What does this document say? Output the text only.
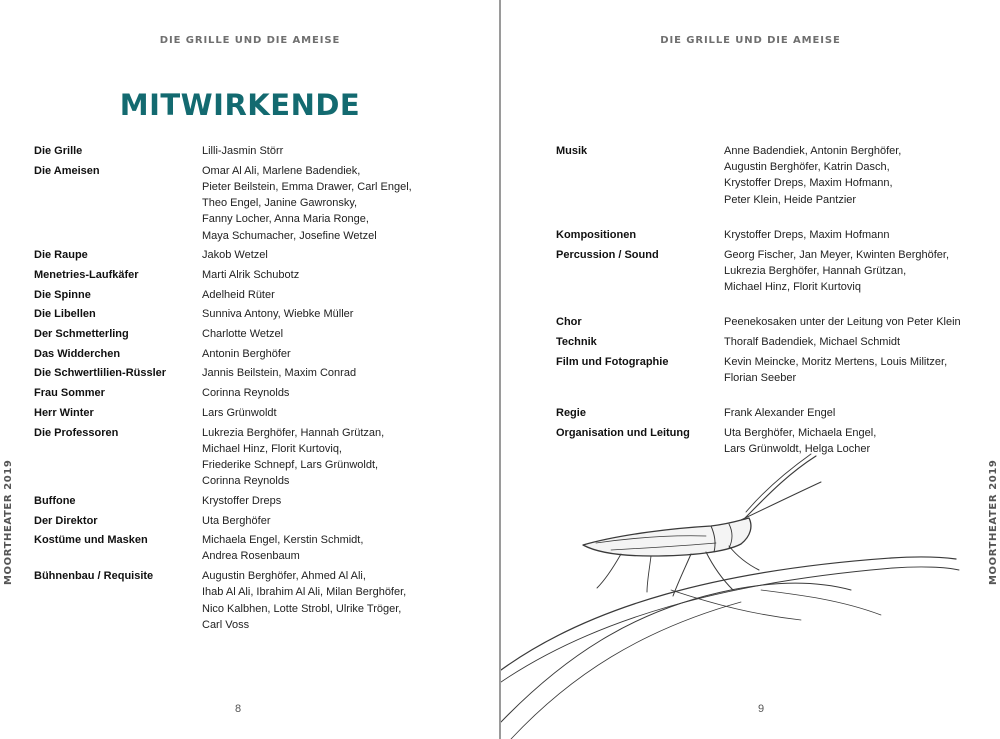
DIE GRILLE UND DIE AMEISE
MOORTHEATER 2019
MITWIRKENDE
Die Grille	Lilli-Jasmin Störr
Die Ameisen	Omar Al Ali, Marlene Badendiek,
Pieter Beilstein, Emma Drawer, Carl Engel,
Theo Engel, Janine Gawronsky,
Fanny Locher, Anna Maria Ronge,
Maya Schumacher, Josefine Wetzel
Die Raupe	Jakob Wetzel
Menetries-Laufkäfer	Marti Alrik Schubotz
Die Spinne	Adelheid Rüter
Die Libellen	Sunniva Antony, Wiebke Müller
Der Schmetterling	Charlotte Wetzel
Das Widderchen	Antonin Berghöfer
Die Schwertlilien-Rüssler	Jannis Beilstein, Maxim Conrad
Frau Sommer	Corinna Reynolds
Herr Winter	Lars Grünwoldt
Die Professoren	Lukrezia Berghöfer, Hannah Grützan,
Michael Hinz, Florit Kurtoviq,
Friederike Schnepf, Lars Grünwoldt,
Corinna Reynolds
Buffone	Krystoffer Dreps
Der Direktor	Uta Berghöfer
Kostüme und Masken	Michaela Engel, Kerstin Schmidt,
Andrea Rosenbaum
Bühnenbau / Requisite	Augustin Berghöfer, Ahmed Al Ali,
Ihab Al Ali, Ibrahim Al Ali, Milan Berghöfer,
Nico Kalbhen, Lotte Strobl, Ulrike Tröger,
Carl Voss
8
DIE GRILLE UND DIE AMEISE
MOORTHEATER 2019
Musik	Anne Badendiek, Antonin Berghöfer,
Augustin Berghöfer, Katrin Dasch,
Krystoffer Dreps, Maxim Hofmann,
Peter Klein, Heide Pantzier
Kompositionen	Krystoffer Dreps, Maxim Hofmann
Percussion / Sound	Georg Fischer, Jan Meyer, Kwinten Berghöfer,
Lukrezia Berghöfer, Hannah Grützan,
Michael Hinz, Florit Kurtoviq
Chor	Peenekosaken unter der Leitung von Peter Klein
Technik	Thoralf Badendiek, Michael Schmidt
Film und Fotographie	Kevin Meincke, Moritz Mertens, Louis Militzer,
Florian Seeber
Regie	Frank Alexander Engel
Organisation und Leitung	Uta Berghöfer, Michaela Engel,
Lars Grünwoldt, Helga Locher
9
